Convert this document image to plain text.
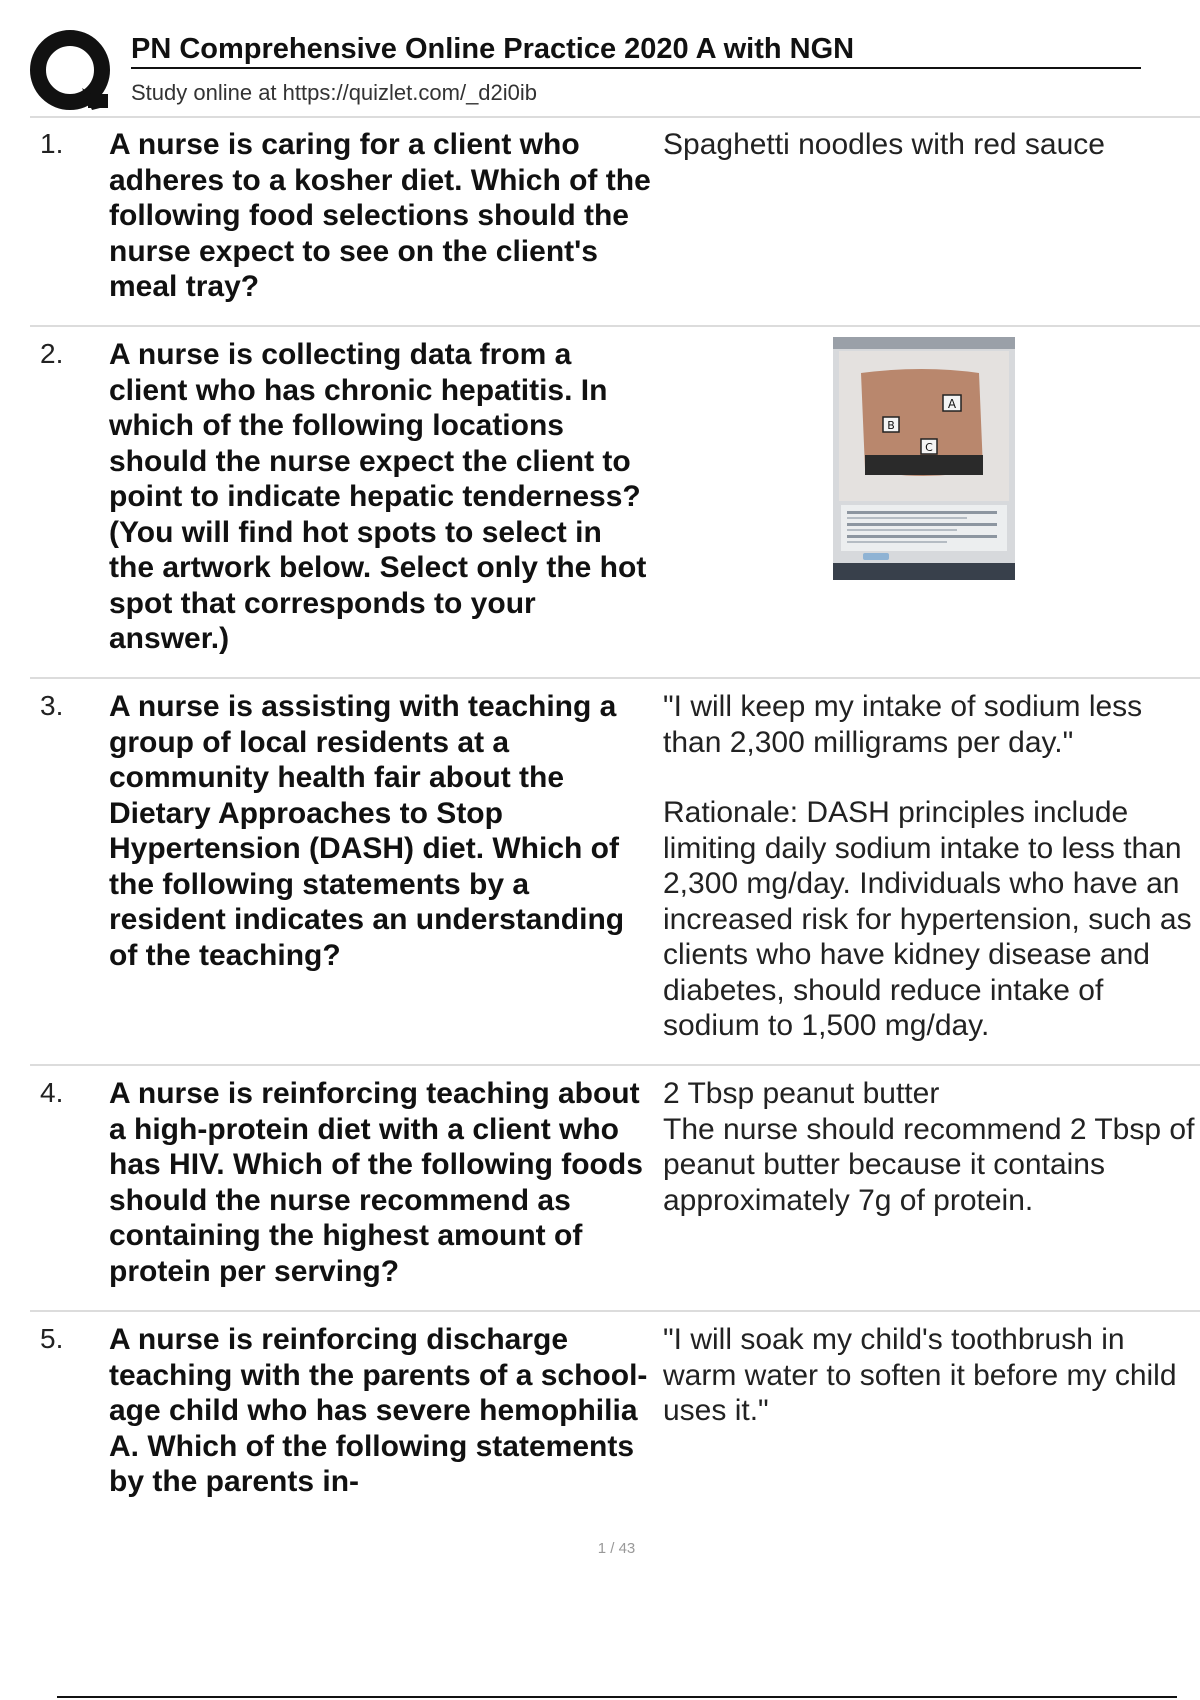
PN Comprehensive Online Practice 2020 A with NGN
Study online at https://quizlet.com/_d2i0ib
1. A nurse is caring for a client who adheres to a kosher diet. Which of the following food selections should the nurse expect to see on the client's meal tray?

Spaghetti noodles with red sauce

2. A nurse is collecting data from a client who has chronic hepatitis. In which of the following locations should the nurse expect the client to point to indicate hepatic tenderness? (You will find hot spots to select in the artwork below. Select only the hot spot that corresponds to your answer.)
A
B
C
3. A nurse is assisting with teaching a group of local residents at a community health fair about the Dietary Approaches to Stop Hypertension (DASH) diet. Which of the following statements by a resident indicates an understanding of the teaching?

"I will keep my intake of sodium less than 2,300 milligrams per day."

Rationale: DASH principles include limiting daily sodium intake to less than 2,300 mg/day. Individuals who have an increased risk for hypertension, such as clients who have kidney disease and diabetes, should reduce intake of sodium to 1,500 mg/day.

4. A nurse is reinforcing teaching about a high-protein diet with a client who has HIV. Which of the following foods should the nurse recommend as containing the highest amount of protein per serving?

2 Tbsp peanut butter

The nurse should recommend 2 Tbsp of peanut butter because it contains approximately 7g of protein.

5. A nurse is reinforcing discharge teaching with the parents of a school-age child who has severe hemophilia A. Which of the following statements by the parents in-

"I will soak my child's toothbrush in warm water to soften it before my child uses it."

1 / 43
